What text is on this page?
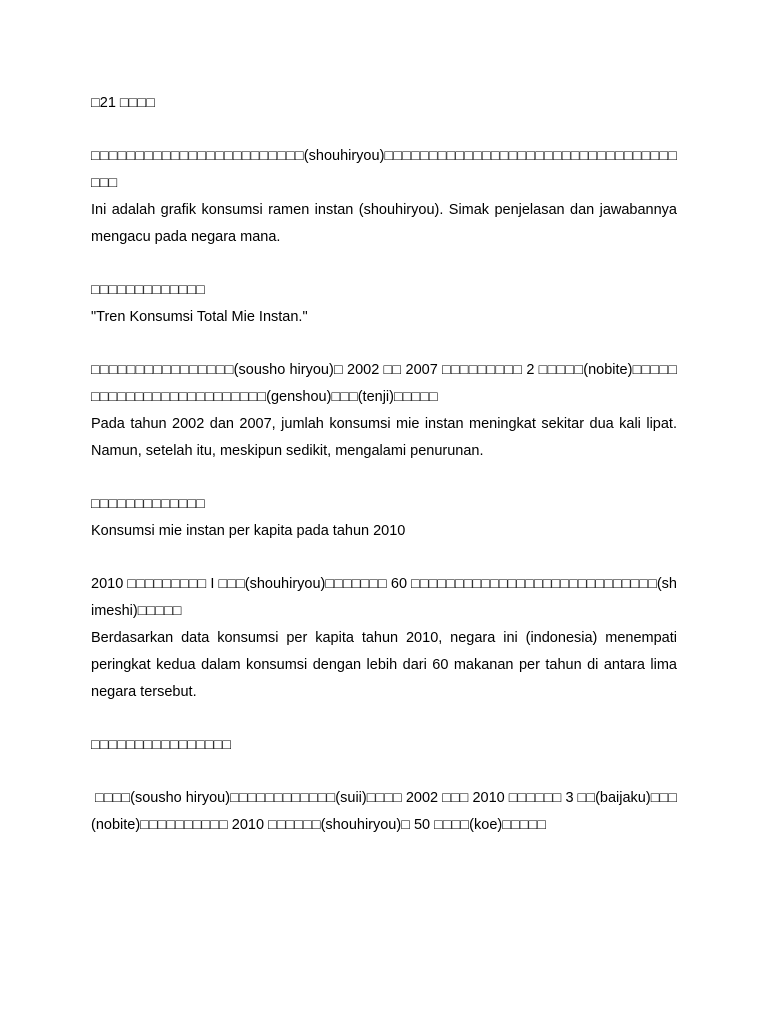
□21 □□□□

□□□□□□□□□□□□□□□□□□□□□□□□(shouhiryou)□□□□□□□□□□□□□□□□□□□□□□□□□□□□□□□□□□□□

Ini adalah grafik konsumsi ramen instan (shouhiryou). Simak penjelasan dan jawabannya mengacu pada negara mana.

□□□□□□□□□□□□□

"Tren Konsumsi Total Mie Instan."

□□□□□□□□□□□□□□□□(sousho hiryou)□ 2002 □□ 2007 □□□□□□□□□ 2 □□□□□(nobite)□□□□□□□□□□□□□□□□□□□□□□□□□(genshou)□□□(tenji)□□□□□

Pada tahun 2002 dan 2007, jumlah konsumsi mie instan meningkat sekitar dua kali lipat. Namun, setelah itu, meskipun sedikit, mengalami penurunan.

□□□□□□□□□□□□□

Konsumsi mie instan per kapita pada tahun 2010

2010 □□□□□□□□□ I □□□(shouhiryou)□□□□□□□ 60 □□□□□□□□□□□□□□□□□□□□□□□□□□□□(shimeshi)□□□□□

Berdasarkan data konsumsi per kapita tahun 2010, negara ini (indonesia) menempati peringkat kedua dalam konsumsi dengan lebih dari 60 makanan per tahun di antara lima negara tersebut.

□□□□□□□□□□□□□□□□

□□□□(sousho hiryou)□□□□□□□□□□□□(suii)□□□□ 2002 □□□ 2010 □□□□□□ 3 □□(baijaku)□□□(nobite)□□□□□□□□□□ 2010 □□□□□□(shouhiryou)□ 50 □□□□(koe)□□□□□
